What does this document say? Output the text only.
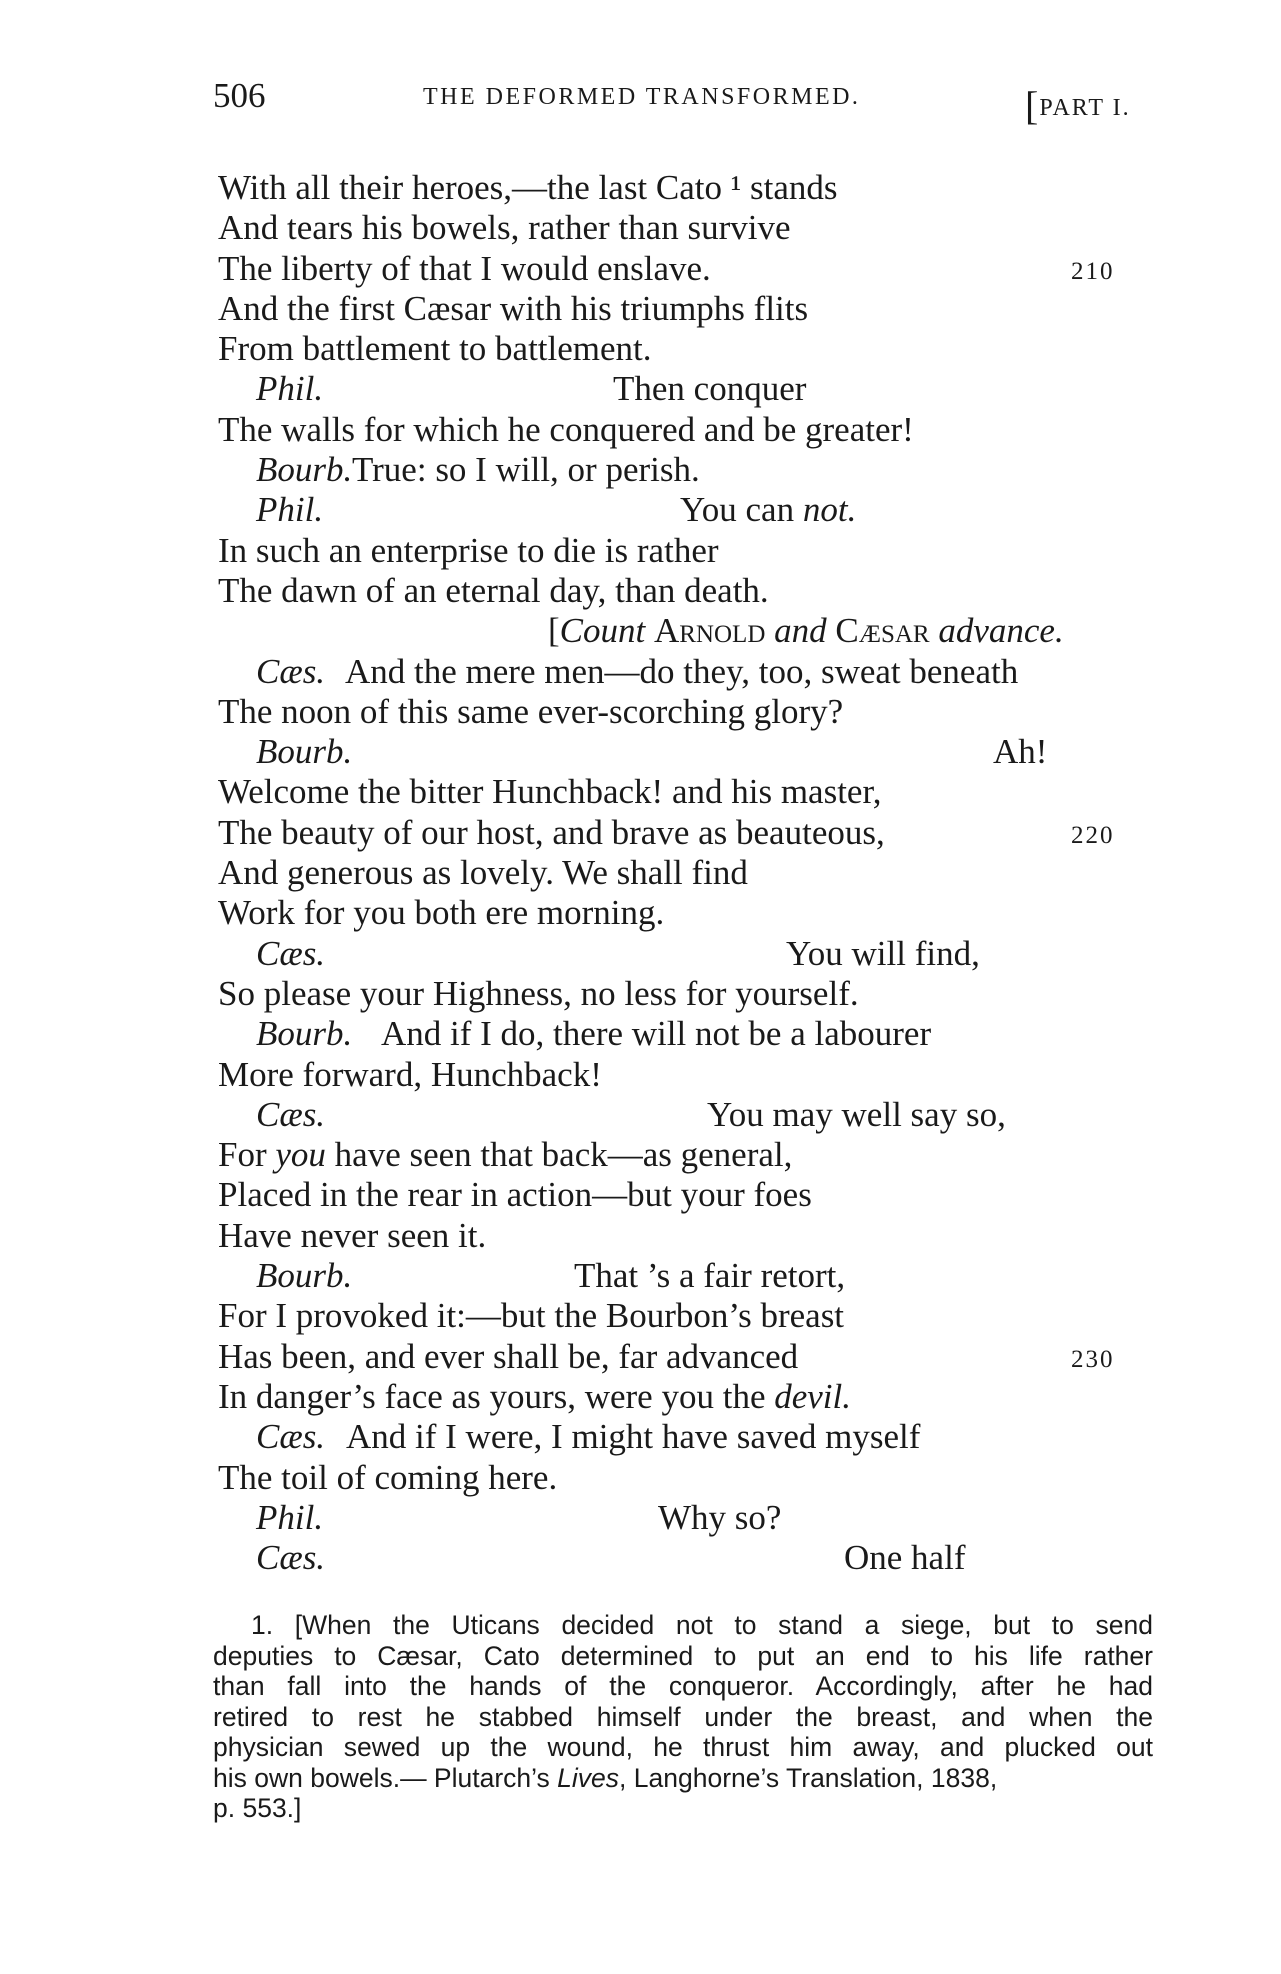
506	THE DEFORMED TRANSFORMED.	[PART I.
With all their heroes,—the last Cato ¹ stands
And tears his bowels, rather than survive
The liberty of that I would enslave.	210
And the first Cæsar with his triumphs flits
From battlement to battlement.
Phil.	Then conquer
The walls for which he conquered and be greater!
Bourb. True: so I will, or perish.
Phil.	You can not.
In such an enterprise to die is rather
The dawn of an eternal day, than death.
[Count Arnold and Cæsar advance.
Cæs. And the mere men—do they, too, sweat beneath
The noon of this same ever-scorching glory?
Bourb.	Ah!
Welcome the bitter Hunchback! and his master,
The beauty of our host, and brave as beauteous,	220
And generous as lovely. We shall find
Work for you both ere morning.
Cæs.	You will find,
So please your Highness, no less for yourself.
Bourb. And if I do, there will not be a labourer
More forward, Hunchback!
Cæs.	You may well say so,
For you have seen that back—as general,
Placed in the rear in action—but your foes
Have never seen it.
Bourb.	That ’s a fair retort,
For I provoked it:—but the Bourbon’s breast
Has been, and ever shall be, far advanced	230
In danger’s face as yours, were you the devil.
Cæs. And if I were, I might have saved myself
The toil of coming here.
Phil.	Why so?
Cæs.	One half
1. [When the Uticans decided not to stand a siege, but to send
deputies to Cæsar, Cato determined to put an end to his life rather
than fall into the hands of the conqueror. Accordingly, after he had
retired to rest he stabbed himself under the breast, and when the
physician sewed up the wound, he thrust him away, and plucked out
his own bowels.— Plutarch’s Lives, Langhorne’s Translation, 1838,
p. 553.]
